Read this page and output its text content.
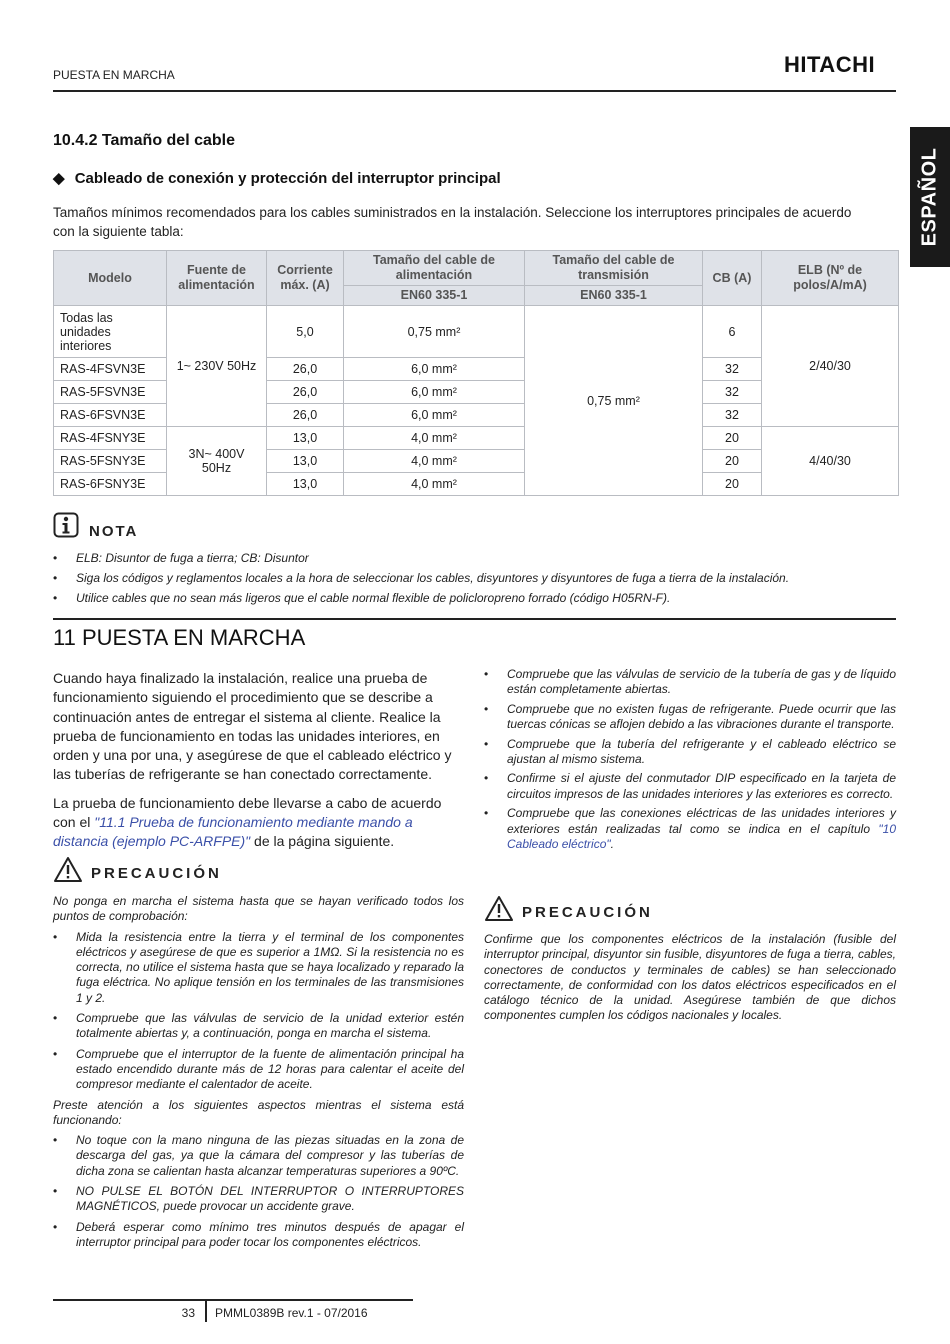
PUESTA EN MARCHA	HITACHI
ESPAÑOL
10.4.2 Tamaño del cable
◆ Cableado de conexión y protección del interruptor principal
Tamaños mínimos recomendados para los cables suministrados en la instalación. Seleccione los interruptores principales de acuerdo con la siguiente tabla:
Modelo	Fuente de alimentación	Corriente máx. (A)	Tamaño del cable de alimentación	Tamaño del cable de transmisión	CB (A)	ELB (Nº de polos/A/mA)
			EN60 335-1	EN60 335-1		
Todas las unidades interiores	1~ 230V 50Hz	5,0	0,75 mm²	0,75 mm²	6	2/40/30
RAS-4FSVN3E		26,0	6,0 mm²		32	
RAS-5FSVN3E		26,0	6,0 mm²		32	
RAS-6FSVN3E		26,0	6,0 mm²		32	
RAS-4FSNY3E	3N~ 400V 50Hz	13,0	4,0 mm²		20	4/40/30
RAS-5FSNY3E		13,0	4,0 mm²		20	
RAS-6FSNY3E		13,0	4,0 mm²		20	
NOTA
• ELB: Disuntor de fuga a tierra; CB: Disuntor
• Siga los códigos y reglamentos locales a la hora de seleccionar los cables, disyuntores y disyuntores de fuga a tierra de la instalación.
• Utilice cables que no sean más ligeros que el cable normal flexible de policloropreno forrado (código H05RN-F).
11 PUESTA EN MARCHA

Cuando haya finalizado la instalación, realice una prueba de funcionamiento siguiendo el procedimiento que se describe a continuación antes de entregar el sistema al cliente. Realice la prueba de funcionamiento en todas las unidades interiores, en orden y una por una, y asegúrese de que el cableado eléctrico y las tuberías de refrigerante se han conectado correctamente.

La prueba de funcionamiento debe llevarse a cabo de acuerdo con el "11.1 Prueba de funcionamiento mediante mando a distancia (ejemplo PC-ARFPE)" de la página siguiente.

PRECAUCIÓN

No ponga en marcha el sistema hasta que se hayan verificado todos los puntos de comprobación:

• Mida la resistencia entre la tierra y el terminal de los componentes eléctricos y asegúrese de que es superior a 1MΩ. Si la resistencia no es correcta, no utilice el sistema hasta que se haya localizado y reparado la fuga eléctrica. No aplique tensión en los terminales de las transmisiones 1 y 2.
• Compruebe que las válvulas de servicio de la unidad exterior estén totalmente abiertas y, a continuación, ponga en marcha el sistema.
• Compruebe que el interruptor de la fuente de alimentación principal ha estado encendido durante más de 12 horas para calentar el aceite del compresor mediante el calentador de aceite.

Preste atención a los siguientes aspectos mientras el sistema está funcionando:

• No toque con la mano ninguna de las piezas situadas en la zona de descarga del gas, ya que la cámara del compresor y las tuberías de dicha zona se calientan hasta alcanzar temperaturas superiores a 90ºC.
• NO PULSE EL BOTÓN DEL INTERRUPTOR O INTERRUPTORES MAGNÉTICOS, puede provocar un accidente grave.
• Deberá esperar como mínimo tres minutos después de apagar el interruptor principal para poder tocar los componentes eléctricos.
• Compruebe que las válvulas de servicio de la tubería de gas y de líquido están completamente abiertas.
• Compruebe que no existen fugas de refrigerante. Puede ocurrir que las tuercas cónicas se aflojen debido a las vibraciones durante el transporte.
• Compruebe que la tubería del refrigerante y el cableado eléctrico se ajustan al mismo sistema.
• Confirme si el ajuste del conmutador DIP especificado en la tarjeta de circuitos impresos de las unidades interiores y las exteriores es correcto.
• Compruebe que las conexiones eléctricas de las unidades interiores y exteriores están realizadas tal como se indica en el capítulo "10 Cableado eléctrico".
PRECAUCIÓN

Confirme que los componentes eléctricos de la instalación (fusible del interruptor principal, disyuntor sin fusible, disyuntores de fuga a tierra, cables, conectores de conductos y terminales de cables) se han seleccionado correctamente, de conformidad con los datos eléctricos especificados en el catálogo técnico de la unidad. Asegúrese también de que dichos componentes cumplen los códigos nacionales y locales.

33 PMML0389B rev.1 - 07/2016
